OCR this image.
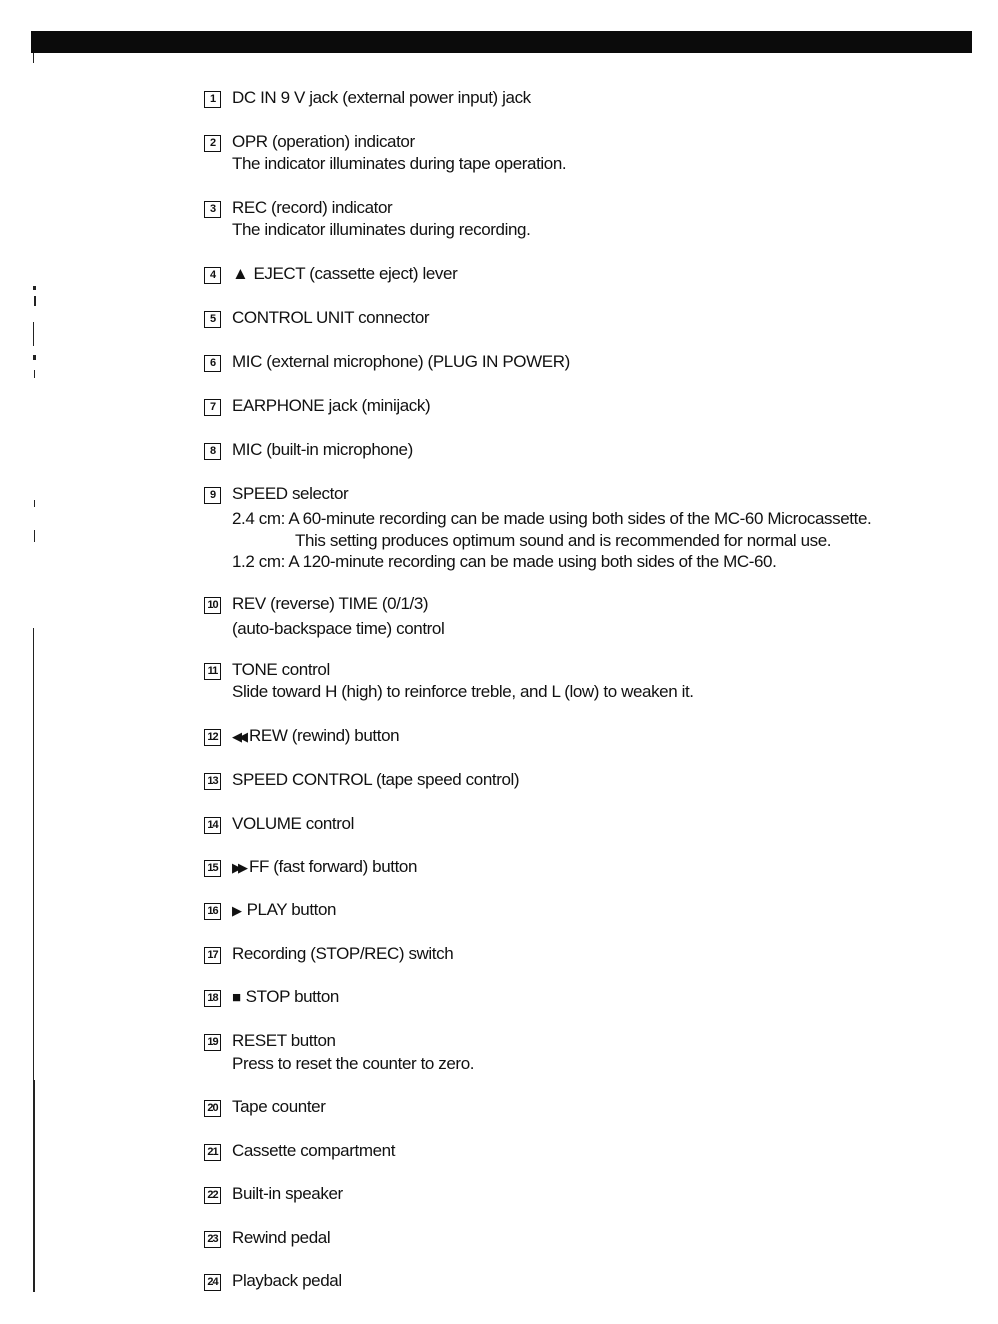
1 DC IN 9 V jack (external power input) jack
2 OPR (operation) indicator
The indicator illuminates during tape operation.
3 REC (record) indicator
The indicator illuminates during recording.
4 ▲ EJECT (cassette eject) lever
5 CONTROL UNIT connector
6 MIC (external microphone) (PLUG IN POWER)
7 EARPHONE jack (minijack)
8 MIC (built-in microphone)
9 SPEED selector
2.4 cm: A 60-minute recording can be made using both sides of the MC-60 Microcassette.
This setting produces optimum sound and is recommended for normal use.
1.2 cm: A 120-minute recording can be made using both sides of the MC-60.
10 REV (reverse) TIME (0/1/3)
(auto-backspace time) control
11 TONE control
Slide toward H (high) to reinforce treble, and L (low) to weaken it.
12 ◀◀ REW (rewind) button
13 SPEED CONTROL (tape speed control)
14 VOLUME control
15 ▶▶ FF (fast forward) button
16 ▶ PLAY button
17 Recording (STOP/REC) switch
18 ■ STOP button
19 RESET button
Press to reset the counter to zero.
20 Tape counter
21 Cassette compartment
22 Built-in speaker
23 Rewind pedal
24 Playback pedal
